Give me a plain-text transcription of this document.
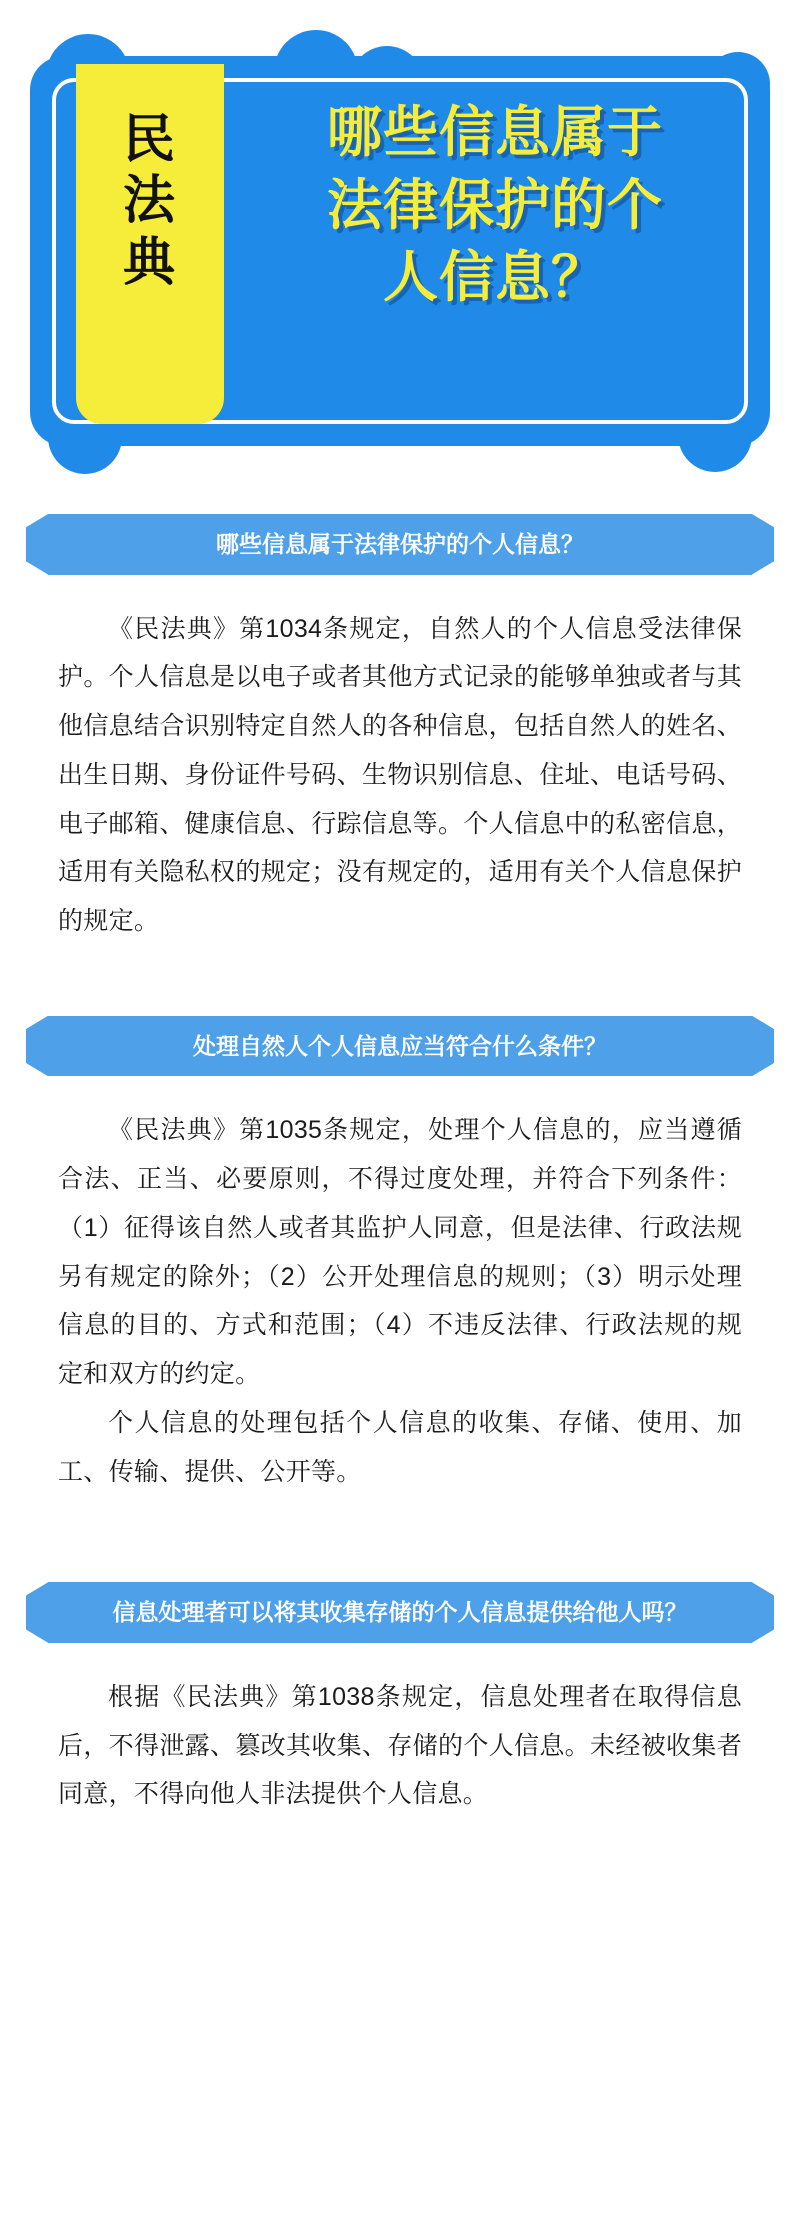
民
法
典
哪些信息属于
法律保护的个
人信息？
哪些信息属于法律保护的个人信息？

《民法典》第1034条规定，自然人的个人信息受法律保护。个人信息是以电子或者其他方式记录的能够单独或者与其他信息结合识别特定自然人的各种信息，包括自然人的姓名、出生日期、身份证件号码、生物识别信息、住址、电话号码、电子邮箱、健康信息、行踪信息等。个人信息中的私密信息，适用有关隐私权的规定；没有规定的，适用有关个人信息保护的规定。

处理自然人个人信息应当符合什么条件？

《民法典》第1035条规定，处理个人信息的，应当遵循合法、正当、必要原则，不得过度处理，并符合下列条件：（1）征得该自然人或者其监护人同意，但是法律、行政法规另有规定的除外；（2）公开处理信息的规则；（3）明示处理信息的目的、方式和范围；（4）不违反法律、行政法规的规定和双方的约定。

个人信息的处理包括个人信息的收集、存储、使用、加工、传输、提供、公开等。

信息处理者可以将其收集存储的个人信息提供给他人吗？

根据《民法典》第1038条规定，信息处理者在取得信息后，不得泄露、篡改其收集、存储的个人信息。未经被收集者同意，不得向他人非法提供个人信息。
